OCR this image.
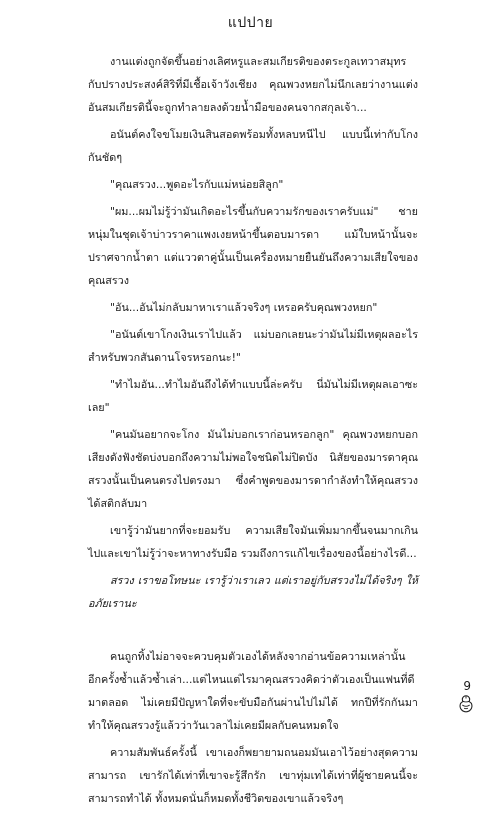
แปปาย

งานแต่งถูกจัดขึ้นอย่างเลิศหรูและสมเกียรติของตระกูลเทวาสมุทรกับปรางประสงค์สิริที่มีเชื้อเจ้าวังเชียง คุณพวงหยกไม่นึกเลยว่างานแต่งอันสมเกียรตินี้จะถูกทำลายลงด้วยน้ำมือของคนจากสกุลเจ้า...

อนันต์คงใจขโมยเงินสินสอดพร้อมทั้งหลบหนีไป แบบนี้เท่ากับโกงกันชัดๆ

"คุณสรวง...พูดอะไรกับแม่หน่อยสิลูก"

"ผม...ผมไม่รู้ว่ามันเกิดอะไรขึ้นกับความรักของเราครับแม่" ชายหนุ่มในชุดเจ้าบ่าวราคาแพงเงยหน้าขึ้นตอบมารดา แม้ใบหน้านั้นจะปราศจากน้ำตา แต่แววตาคู่นั้นเป็นเครื่องหมายยืนยันถึงความเสียใจของคุณสรวง

"อัน...อันไม่กลับมาหาเราแล้วจริงๆ เหรอครับคุณพวงหยก"

"อนันต์เขาโกงเงินเราไปแล้ว แม่บอกเลยนะว่ามันไม่มีเหตุผลอะไรสำหรับพวกสันดานโจรหรอกนะ!"

"ทำไมอัน...ทำไมอันถึงได้ทำแบบนี้ล่ะครับ นี่มันไม่มีเหตุผลเอาซะเลย"

"คนมันอยากจะโกง มันไม่บอกเราก่อนหรอกลูก" คุณพวงหยกบอกเสียงดังฟังชัดบ่งบอกถึงความไม่พอใจชนิดไม่ปิดบัง นิสัยของมารดาคุณสรวงนั้นเป็นคนตรงไปตรงมา ซึ่งคำพูดของมารดากำลังทำให้คุณสรวงได้สติกลับมา

เขารู้ว่ามันยากที่จะยอมรับ ความเสียใจมันเพิ่มมากขึ้นจนมากเกินไปและเขาไม่รู้ว่าจะหาทางรับมือ รวมถึงการแก้ไขเรื่องของนี้อย่างไรดี...

สรวง เราขอโทษนะ เรารู้ว่าเราเลว แต่เราอยู่กับสรวงไม่ได้จริงๆ ให้อภัยเรานะ

คนถูกทิ้งไม่อาจจะควบคุมตัวเองได้หลังจากอ่านข้อความเหล่านั้นอีกครั้งซ้ำแล้วซ้ำเล่า...แต่ไหนแต่ไรมาคุณสรวงคิดว่าตัวเองเป็นแฟนที่ดีมาตลอด ไม่เคยมีปัญหาใดที่จะขับมือกันผ่านไปไม่ได้ ทกปีที่รักกันมาทำให้คุณสรวงรู้แล้วว่าวันเวลาไม่เคยมีผลกับคนหมดใจ

ความสัมพันธ์ครั้งนี้ เขาเองก็พยายามถนอมมันเอาไว้อย่างสุดความสามารถ เขารักได้เท่าที่เขาจะรู้สึกรัก เขาทุ่มเทได้เท่าที่ผู้ชายคนนี้จะสามารถทำได้ ทั้งหมดนั่นก็หมดทั้งชีวิตของเขาแล้วจริงๆ

9
